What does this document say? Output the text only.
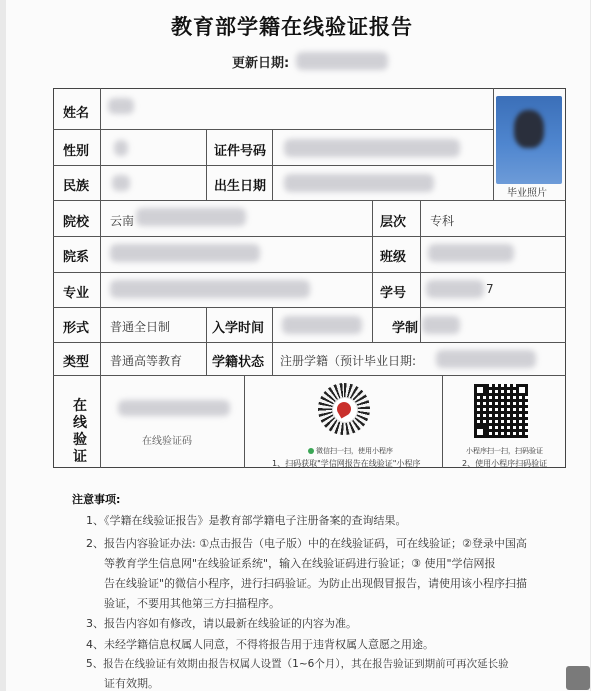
教育部学籍在线验证报告
更新日期:
姓名
性别	证件号码
民族	出生日期	毕业照片
院校 云南	层次 专科
院系	班级
专业	学号	7
形式 普通全日制	入学时间	学制
类型 普通高等教育 学籍状态 注册学籍（预计毕业日期:
在
线
验
证
在线验证码
微信扫一扫，使用小程序
1、扫码获取"学信网报告在线验证"小程序
小程序扫一扫，扫码验证
2、使用小程序扫码验证
注意事项:
1、《学籍在线验证报告》是教育部学籍电子注册备案的查询结果。
2、报告内容验证办法: ①点击报告（电子版）中的在线验证码，可在线验证；②登录中国高
等教育学生信息网"在线验证系统"，输入在线验证码进行验证；③ 使用"学信网报
告在线验证"的微信小程序，进行扫码验证。为防止出现假冒报告，请使用该小程序扫描
验证，不要用其他第三方扫描程序。
3、报告内容如有修改，请以最新在线验证的内容为准。
4、未经学籍信息权属人同意，不得将报告用于违背权属人意愿之用途。
5、报告在线验证有效期由报告权属人设置（1~6个月），其在报告验证到期前可再次延长验
证有效期。
